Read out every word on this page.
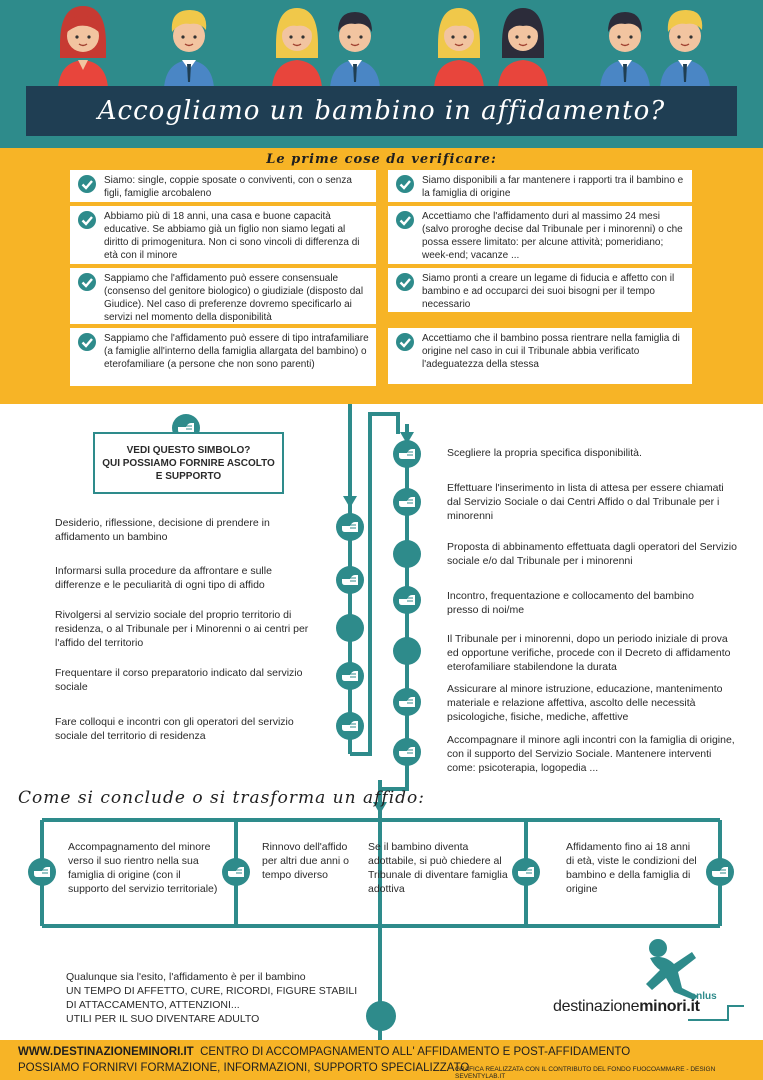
Accogliamo un bambino in affidamento?
Le prime cose da verificare:
Siamo: single, coppie sposate o conviventi, con o senza figli, famiglie arcobaleno
Abbiamo più di 18 anni, una casa e buone capacità educative. Se abbiamo già un figlio non siamo legati al diritto di primogenitura. Non ci sono vincoli di differenza di età con il minore
Sappiamo che l'affidamento può essere consensuale (consenso del genitore biologico) o giudiziale (disposto dal Giudice). Nel caso di preferenze dovremo specificarlo ai servizi nel momento della disponibilità
Sappiamo che l'affidamento può essere di tipo intrafamiliare (a famiglie all'interno della famiglia allargata del bambino) o eterofamiliare (a persone che non sono parenti)
Siamo disponibili a far mantenere i rapporti tra il bambino e la famiglia di origine
Accettiamo che l'affidamento duri al massimo 24 mesi (salvo proroghe decise dal Tribunale per i minorenni) o che possa essere limitato: per alcune attività; pomeridiano; week-end; vacanze ...
Siamo pronti a creare un legame di fiducia e affetto con il bambino e ad occuparci dei suoi bisogni per il tempo necessario
Accettiamo che il bambino possa rientrare nella famiglia di origine nel caso in cui il Tribunale abbia verificato l'adeguatezza della stessa
VEDI QUESTO SIMBOLO?
QUI POSSIAMO FORNIRE ASCOLTO
E SUPPORTO
Desiderio, riflessione, decisione di prendere in affidamento un bambino
Informarsi sulla procedure da affrontare e sulle differenze e le peculiarità di ogni tipo di affido
Rivolgersi al servizio sociale del proprio territorio di residenza, o al Tribunale per i Minorenni o ai centri per l'affido del territorio
Frequentare il corso preparatorio indicato dal servizio sociale
Fare colloqui e incontri con gli operatori del servizio sociale del territorio di residenza
Scegliere la propria specifica disponibilità.
Effettuare l'inserimento in lista di attesa per essere chiamati dal Servizio Sociale o dai Centri Affido o dal Tribunale per i minorenni
Proposta di abbinamento effettuata dagli operatori del Servizio sociale e/o dal Tribunale per i minorenni
Incontro, frequentazione e collocamento del bambino presso di noi/me
Il Tribunale per i minorenni, dopo un periodo iniziale di prova ed opportune verifiche, procede con il Decreto di affidamento eterofamiliare stabilendone la durata
Assicurare al minore istruzione, educazione, mantenimento materiale e relazione affettiva, ascolto delle necessità psicologiche, fisiche, mediche, affettive
Accompagnare il minore agli incontri con la famiglia di origine, con il supporto del Servizio Sociale. Mantenere interventi come: psicoterapia, logopedia ...
Come si conclude o si trasforma un affido:
Accompagnamento del minore verso il suo rientro nella sua famiglia di origine (con il supporto del servizio territoriale)
Rinnovo dell'affido per altri due anni o tempo diverso
Se il bambino diventa adottabile, si può chiedere al Tribunale di diventare famiglia adottiva
Affidamento fino ai 18 anni di età, viste le condizioni del bambino e della famiglia di origine
Qualunque sia l'esito, l'affidamento è per il bambino
UN TEMPO DI AFFETTO, CURE, RICORDI, FIGURE STABILI
DI ATTACCAMENTO, ATTENZIONI...
UTILI PER IL SUO DIVENTARE ADULTO
destinazioneminori.it
onlus
WWW.DESTINAZIONEMINORI.IT CENTRO DI ACCOMPAGNAMENTO ALL' AFFIDAMENTO E POST-AFFIDAMENTO
POSSIAMO FORNIRVI FORMAZIONE, INFORMAZIONI, SUPPORTO SPECIALIZZATO
GRAFICA REALIZZATA CON IL CONTRIBUTO DEL FONDO FUOCOAMMARE - DESIGN SEVENTYLAB.IT
